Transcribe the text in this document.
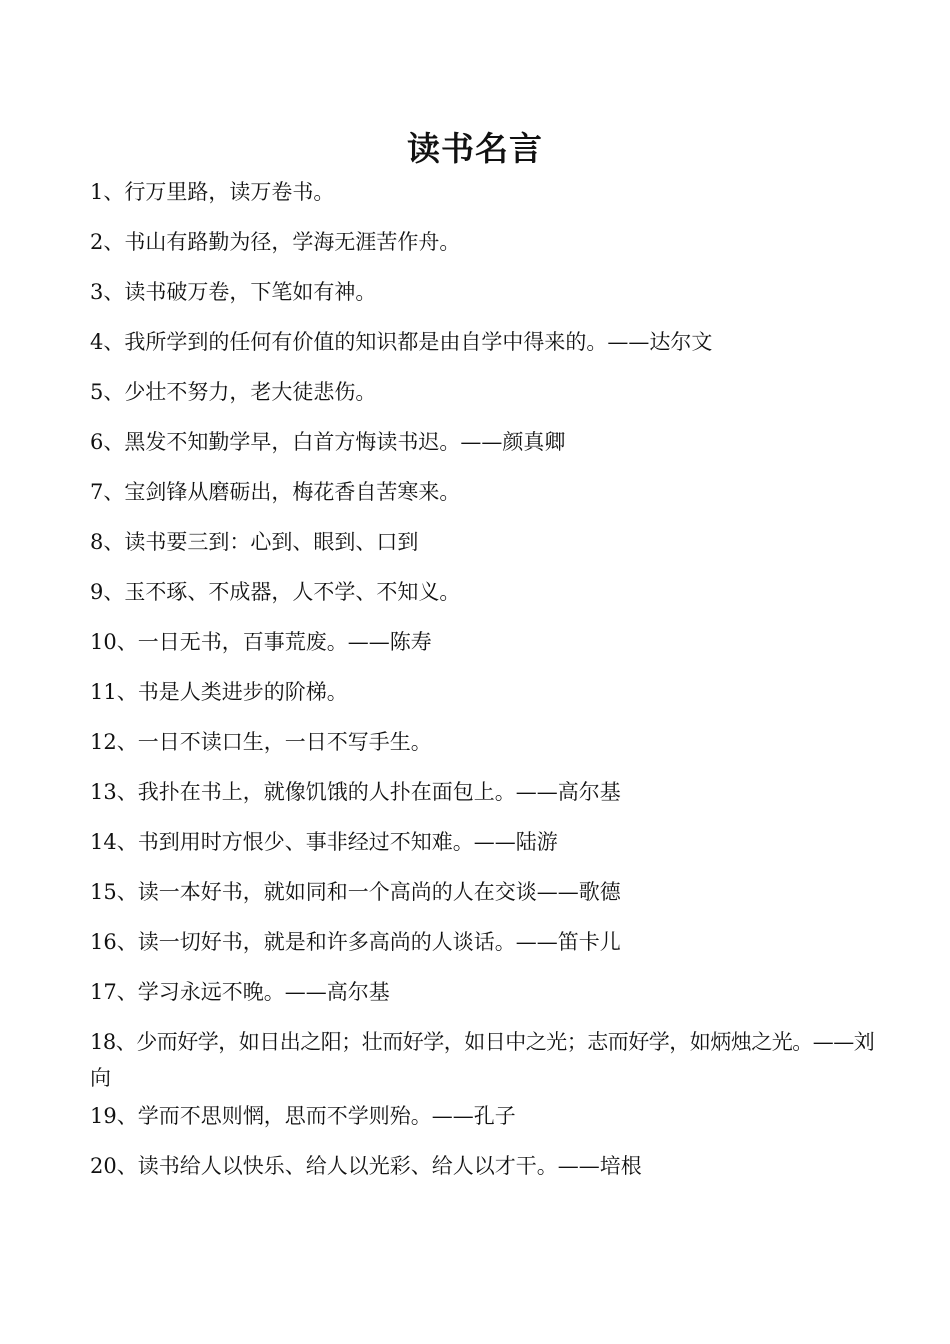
读书名言
1、行万里路，读万卷书。
2、书山有路勤为径，学海无涯苦作舟。
3、读书破万卷，下笔如有神。
4、我所学到的任何有价值的知识都是由自学中得来的。——达尔文
5、少壮不努力，老大徒悲伤。
6、黑发不知勤学早，白首方悔读书迟。——颜真卿
7、宝剑锋从磨砺出，梅花香自苦寒来。
8、读书要三到：心到、眼到、口到
9、玉不琢、不成器，人不学、不知义。
10、一日无书，百事荒废。——陈寿
11、书是人类进步的阶梯。
12、一日不读口生，一日不写手生。
13、我扑在书上，就像饥饿的人扑在面包上。——高尔基
14、书到用时方恨少、事非经过不知难。——陆游
15、读一本好书，就如同和一个高尚的人在交谈——歌德
16、读一切好书，就是和许多高尚的人谈话。——笛卡儿
17、学习永远不晚。——高尔基
18、少而好学，如日出之阳；壮而好学，如日中之光；志而好学，如炳烛之光。——刘向
19、学而不思则惘，思而不学则殆。——孔子
20、读书给人以快乐、给人以光彩、给人以才干。——培根
